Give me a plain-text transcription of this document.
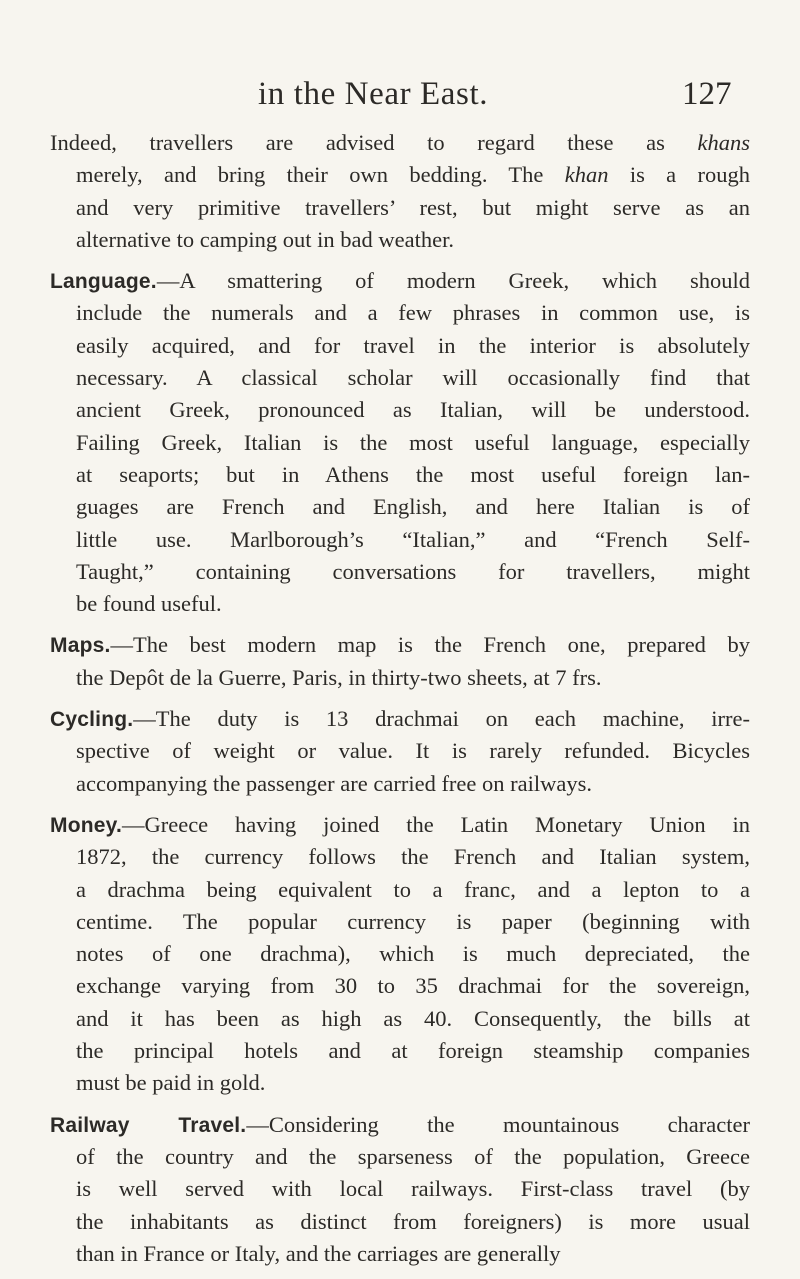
in the Near East.	127
Indeed, travellers are advised to regard these as khans
merely, and bring their own bedding. The khan is a rough
and very primitive travellers’ rest, but might serve as an
alternative to camping out in bad weather.
Language.—A smattering of modern Greek, which should
include the numerals and a few phrases in common use, is
easily acquired, and for travel in the interior is absolutely
necessary. A classical scholar will occasionally find that
ancient Greek, pronounced as Italian, will be understood.
Failing Greek, Italian is the most useful language, especially
at seaports; but in Athens the most useful foreign lan-
guages are French and English, and here Italian is of
little use. Marlborough’s “Italian,” and “French Self-
Taught,” containing conversations for travellers, might
be found useful.
Maps.—The best modern map is the French one, prepared by
the Depôt de la Guerre, Paris, in thirty-two sheets, at 7 frs.
Cycling.—The duty is 13 drachmai on each machine, irre-
spective of weight or value. It is rarely refunded. Bicycles
accompanying the passenger are carried free on railways.
Money.—Greece having joined the Latin Monetary Union in
1872, the currency follows the French and Italian system,
a drachma being equivalent to a franc, and a lepton to a
centime. The popular currency is paper (beginning with
notes of one drachma), which is much depreciated, the
exchange varying from 30 to 35 drachmai for the sovereign,
and it has been as high as 40. Consequently, the bills at
the principal hotels and at foreign steamship companies
must be paid in gold.
Railway Travel.—Considering the mountainous character
of the country and the sparseness of the population, Greece
is well served with local railways. First-class travel (by
the inhabitants as distinct from foreigners) is more usual
than in France or Italy, and the carriages are generally
